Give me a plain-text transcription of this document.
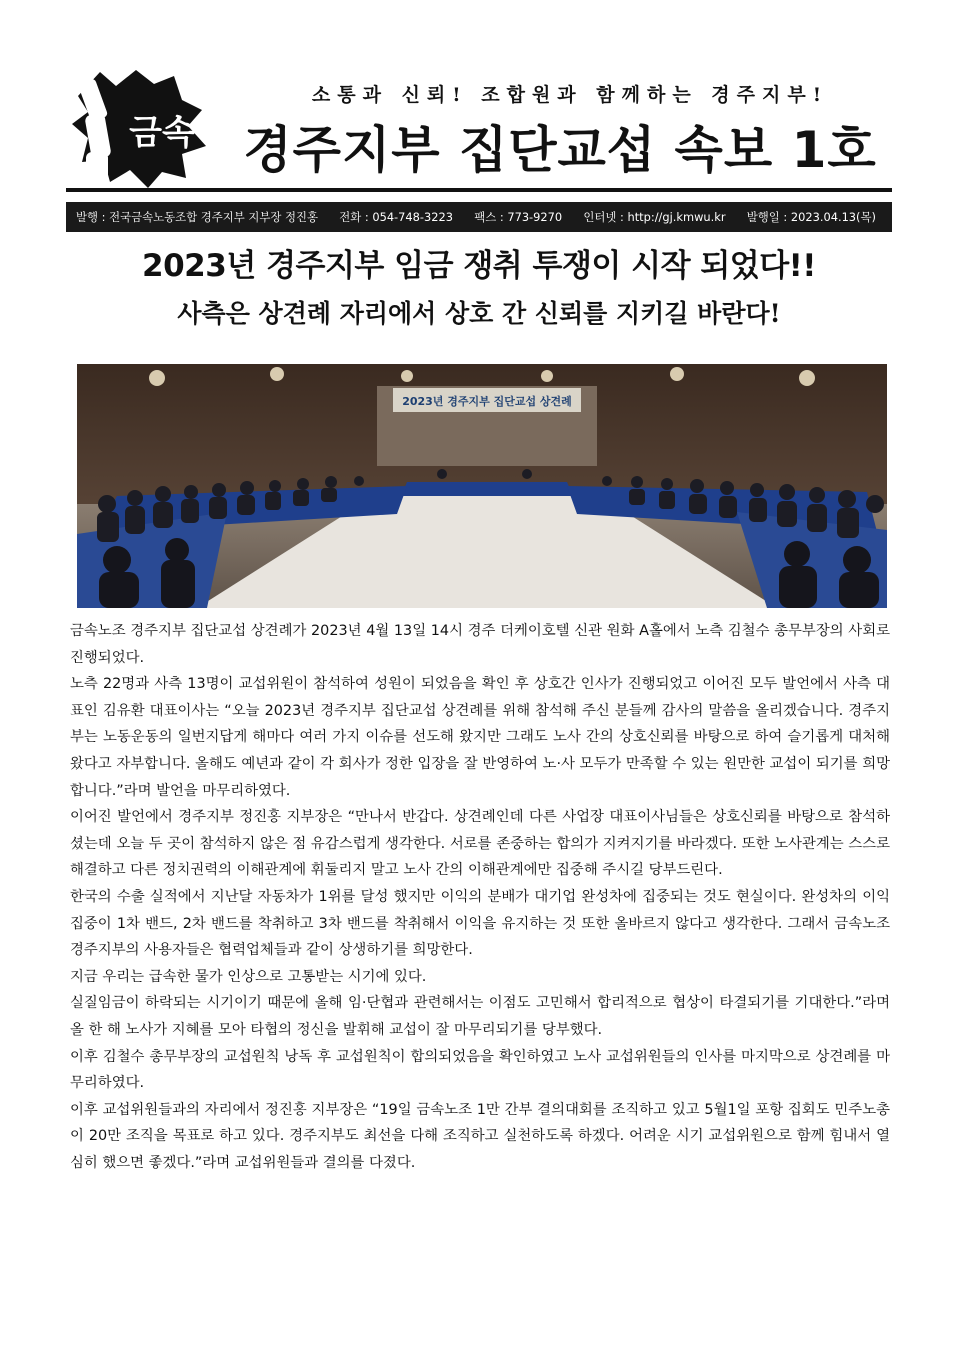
금속
소통과 신뢰! 조합원과 함께하는 경주지부!
경주지부 집단교섭 속보 1호
발행 : 전국금속노동조합 경주지부 지부장 정진홍 전화 : 054-748-3223 팩스 : 773-9270 인터넷 : http://gj.kmwu.kr 발행일 : 2023.04.13(목)
2023년 경주지부 임금 쟁취 투쟁이 시작 되었다!!
사측은 상견례 자리에서 상호 간 신뢰를 지키길 바란다!
2023년 경주지부 집단교섭 상견례

금속노조 경주지부 집단교섭 상견례가 2023년 4월 13일 14시 경주 더케이호텔 신관 원화 A홀에서 노측 김철수 총무부장의 사회로 진행되었다.

노측 22명과 사측 13명이 교섭위원이 참석하여 성원이 되었음을 확인 후 상호간 인사가 진행되었고 이어진 모두 발언에서 사측 대표인 김유환 대표이사는 “오늘 2023년 경주지부 집단교섭 상견례를 위해 참석해 주신 분들께 감사의 말씀을 올리겠습니다. 경주지부는 노동운동의 일번지답게 해마다 여러 가지 이슈를 선도해 왔지만 그래도 노사 간의 상호신뢰를 바탕으로 하여 슬기롭게 대처해 왔다고 자부합니다. 올해도 예년과 같이 각 회사가 정한 입장을 잘 반영하여 노·사 모두가 만족할 수 있는 원만한 교섭이 되기를 희망합니다.”라며 발언을 마무리하였다.

이어진 발언에서 경주지부 정진홍 지부장은 “만나서 반갑다. 상견례인데 다른 사업장 대표이사님들은 상호신뢰를 바탕으로 참석하셨는데 오늘 두 곳이 참석하지 않은 점 유감스럽게 생각한다. 서로를 존중하는 합의가 지켜지기를 바라겠다. 또한 노사관계는 스스로 해결하고 다른 정치권력의 이해관계에 휘둘리지 말고 노사 간의 이해관계에만 집중해 주시길 당부드린다.

한국의 수출 실적에서 지난달 자동차가 1위를 달성 했지만 이익의 분배가 대기업 완성차에 집중되는 것도 현실이다. 완성차의 이익 집중이 1차 밴드, 2차 밴드를 착취하고 3차 밴드를 착취해서 이익을 유지하는 것 또한 올바르지 않다고 생각한다. 그래서 금속노조 경주지부의 사용자들은 협력업체들과 같이 상생하기를 희망한다.

지금 우리는 급속한 물가 인상으로 고통받는 시기에 있다.

실질임금이 하락되는 시기이기 때문에 올해 임·단협과 관련해서는 이점도 고민해서 합리적으로 협상이 타결되기를 기대한다.”라며 올 한 해 노사가 지혜를 모아 타협의 정신을 발휘해 교섭이 잘 마무리되기를 당부했다.

이후 김철수 총무부장의 교섭원칙 낭독 후 교섭원칙이 합의되었음을 확인하였고 노사 교섭위원들의 인사를 마지막으로 상견례를 마무리하였다.

이후 교섭위원들과의 자리에서 정진홍 지부장은 “19일 금속노조 1만 간부 결의대회를 조직하고 있고 5월1일 포항 집회도 민주노총이 20만 조직을 목표로 하고 있다. 경주지부도 최선을 다해 조직하고 실천하도록 하겠다. 어려운 시기 교섭위원으로 함께 힘내서 열심히 했으면 좋겠다.”라며 교섭위원들과 결의를 다졌다.
